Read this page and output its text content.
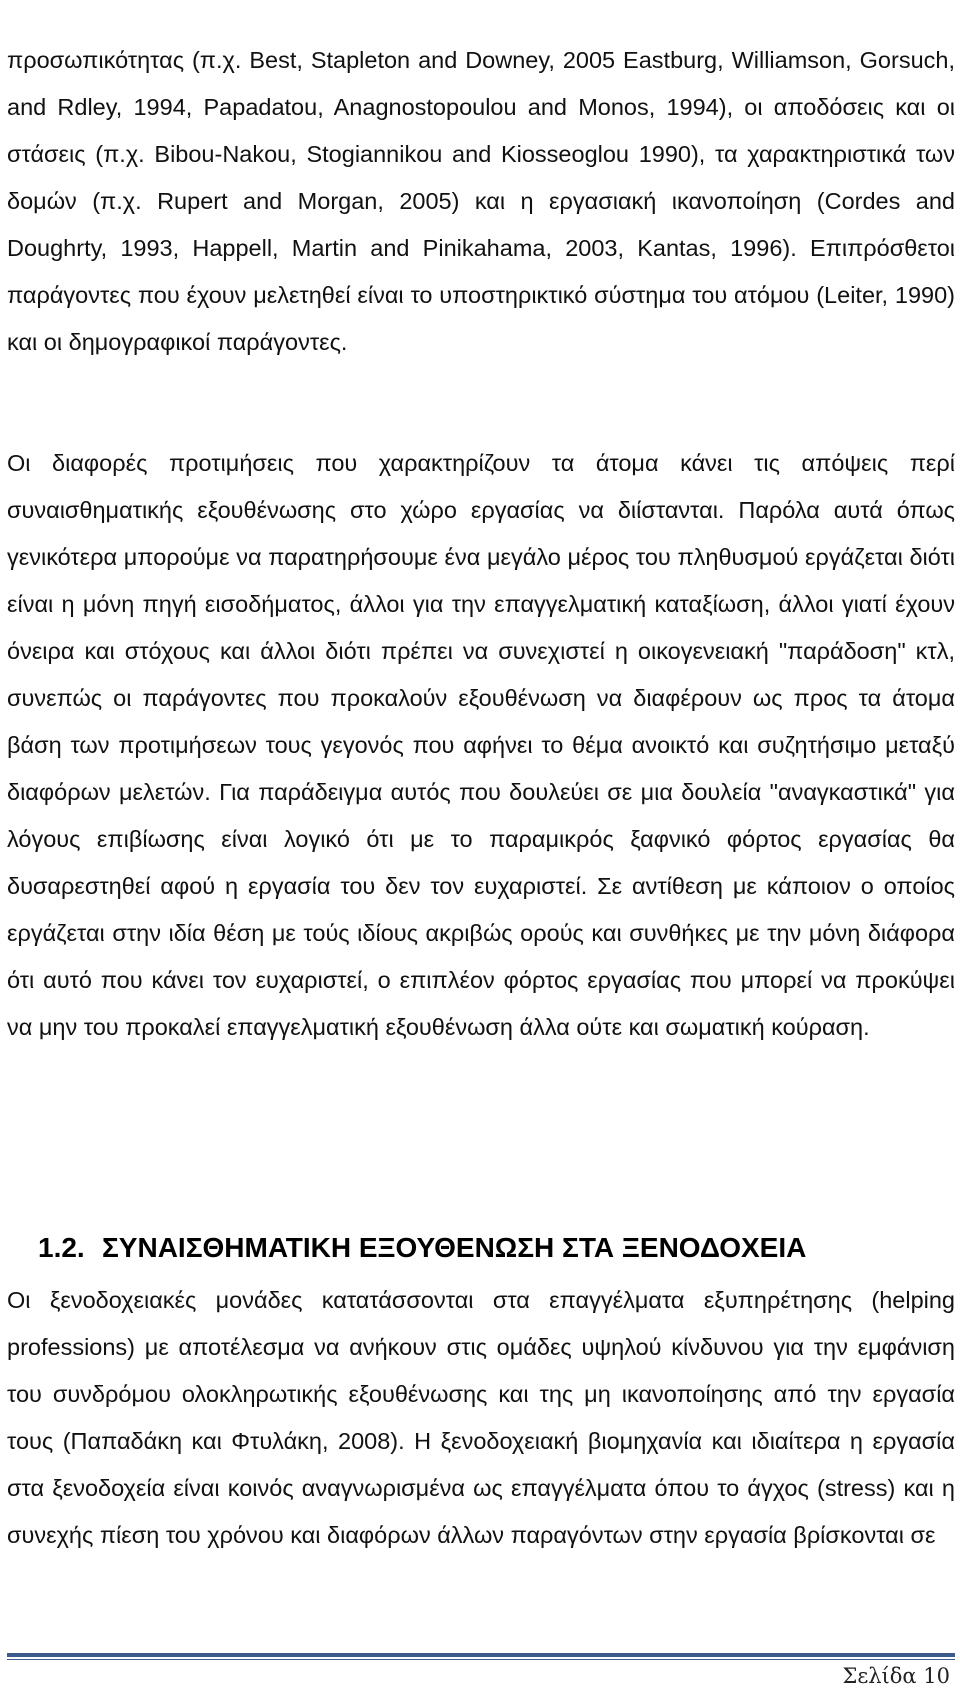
προσωπικότητας (π.χ. Best, Stapleton and Downey, 2005 Eastburg, Williamson, Gorsuch, and Rdley, 1994, Papadatou, Anagnostopoulou and Monos, 1994), οι αποδόσεις και οι στάσεις (π.χ. Bibou-Nakou, Stogiannikou and Kiosseoglou 1990), τα χαρακτηριστικά των δομών (π.χ. Rupert and Morgan, 2005) και η εργασιακή ικανοποίηση (Cordes and Doughrty, 1993, Happell, Martin and Pinikahama, 2003, Kantas, 1996). Επιπρόσθετοι παράγοντες που έχουν μελετηθεί είναι το υποστηρικτικό σύστημα του ατόμου (Leiter, 1990) και οι δημογραφικοί παράγοντες.

Οι διαφορές προτιμήσεις που χαρακτηρίζουν τα άτομα κάνει τις απόψεις περί συναισθηματικής εξουθένωσης στο χώρο εργασίας να διίστανται. Παρόλα αυτά όπως γενικότερα μπορούμε να παρατηρήσουμε ένα μεγάλο μέρος του πληθυσμού εργάζεται διότι είναι η μόνη πηγή εισοδήματος, άλλοι για την επαγγελματική καταξίωση, άλλοι γιατί έχουν όνειρα και στόχους και άλλοι διότι πρέπει να συνεχιστεί η οικογενειακή "παράδοση" κτλ, συνεπώς οι παράγοντες που προκαλούν εξουθένωση να διαφέρουν ως προς τα άτομα βάση των προτιμήσεων τους γεγονός που αφήνει το θέμα ανοικτό και συζητήσιμο μεταξύ διαφόρων μελετών. Για παράδειγμα αυτός που δουλεύει σε μια δουλεία "αναγκαστικά" για λόγους επιβίωσης είναι λογικό ότι με το παραμικρός ξαφνικό φόρτος εργασίας θα δυσαρεστηθεί αφού η εργασία του δεν τον ευχαριστεί. Σε αντίθεση με κάποιον ο οποίος εργάζεται στην ιδία θέση με τούς ιδίους ακριβώς ορούς και συνθήκες με την μόνη διάφορα ότι αυτό που κάνει τον ευχαριστεί, ο επιπλέον φόρτος εργασίας που μπορεί να προκύψει να μην του προκαλεί επαγγελματική εξουθένωση άλλα ούτε και σωματική κούραση.

1.2. ΣΥΝΑΙΣΘΗΜΑΤΙΚΗ ΕΞΟΥΘΕΝΩΣΗ ΣΤΑ ΞΕΝΟΔΟΧΕΙΑ

Οι ξενοδοχειακές μονάδες κατατάσσονται στα επαγγέλματα εξυπηρέτησης (helping professions) με αποτέλεσμα να ανήκουν στις ομάδες υψηλού κίνδυνου για την εμφάνιση του συνδρόμου ολοκληρωτικής εξουθένωσης και της μη ικανοποίησης από την εργασία τους (Παπαδάκη και Φτυλάκη, 2008). Η ξενοδοχειακή βιομηχανία και ιδιαίτερα η εργασία στα ξενοδοχεία είναι κοινός αναγνωρισμένα ως επαγγέλματα όπου το άγχος (stress) και η συνεχής πίεση του χρόνου και διαφόρων άλλων παραγόντων στην εργασία βρίσκονται σε

Σελίδα 10
